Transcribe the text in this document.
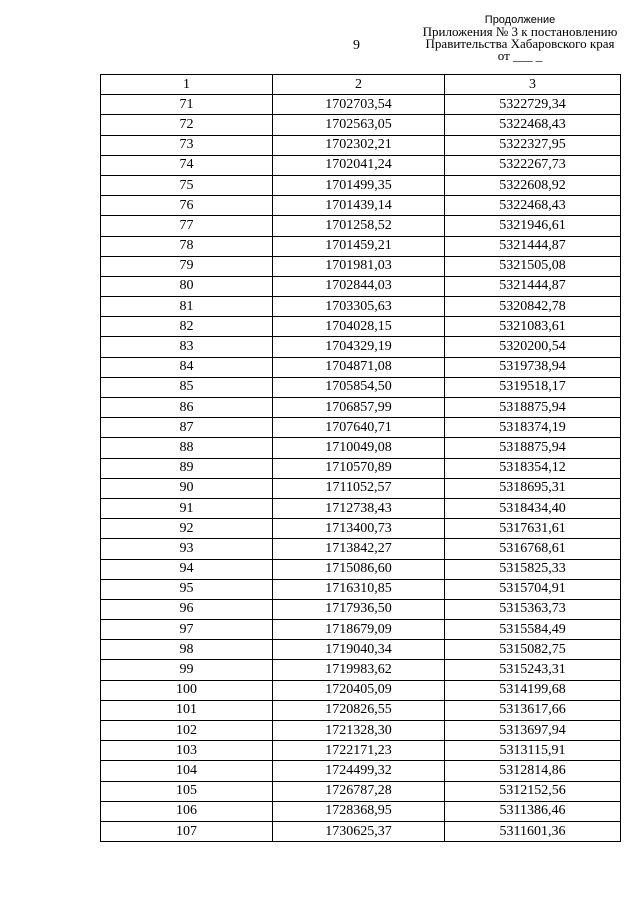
9
Продолжение
Приложения № 3 к постановлению
Правительства Хабаровского края
от ___ _
1	2	3
71	1702703,54	5322729,34
72	1702563,05	5322468,43
73	1702302,21	5322327,95
74	1702041,24	5322267,73
75	1701499,35	5322608,92
76	1701439,14	5322468,43
77	1701258,52	5321946,61
78	1701459,21	5321444,87
79	1701981,03	5321505,08
80	1702844,03	5321444,87
81	1703305,63	5320842,78
82	1704028,15	5321083,61
83	1704329,19	5320200,54
84	1704871,08	5319738,94
85	1705854,50	5319518,17
86	1706857,99	5318875,94
87	1707640,71	5318374,19
88	1710049,08	5318875,94
89	1710570,89	5318354,12
90	1711052,57	5318695,31
91	1712738,43	5318434,40
92	1713400,73	5317631,61
93	1713842,27	5316768,61
94	1715086,60	5315825,33
95	1716310,85	5315704,91
96	1717936,50	5315363,73
97	1718679,09	5315584,49
98	1719040,34	5315082,75
99	1719983,62	5315243,31
100	1720405,09	5314199,68
101	1720826,55	5313617,66
102	1721328,30	5313697,94
103	1722171,23	5313115,91
104	1724499,32	5312814,86
105	1726787,28	5312152,56
106	1728368,95	5311386,46
107	1730625,37	5311601,36
